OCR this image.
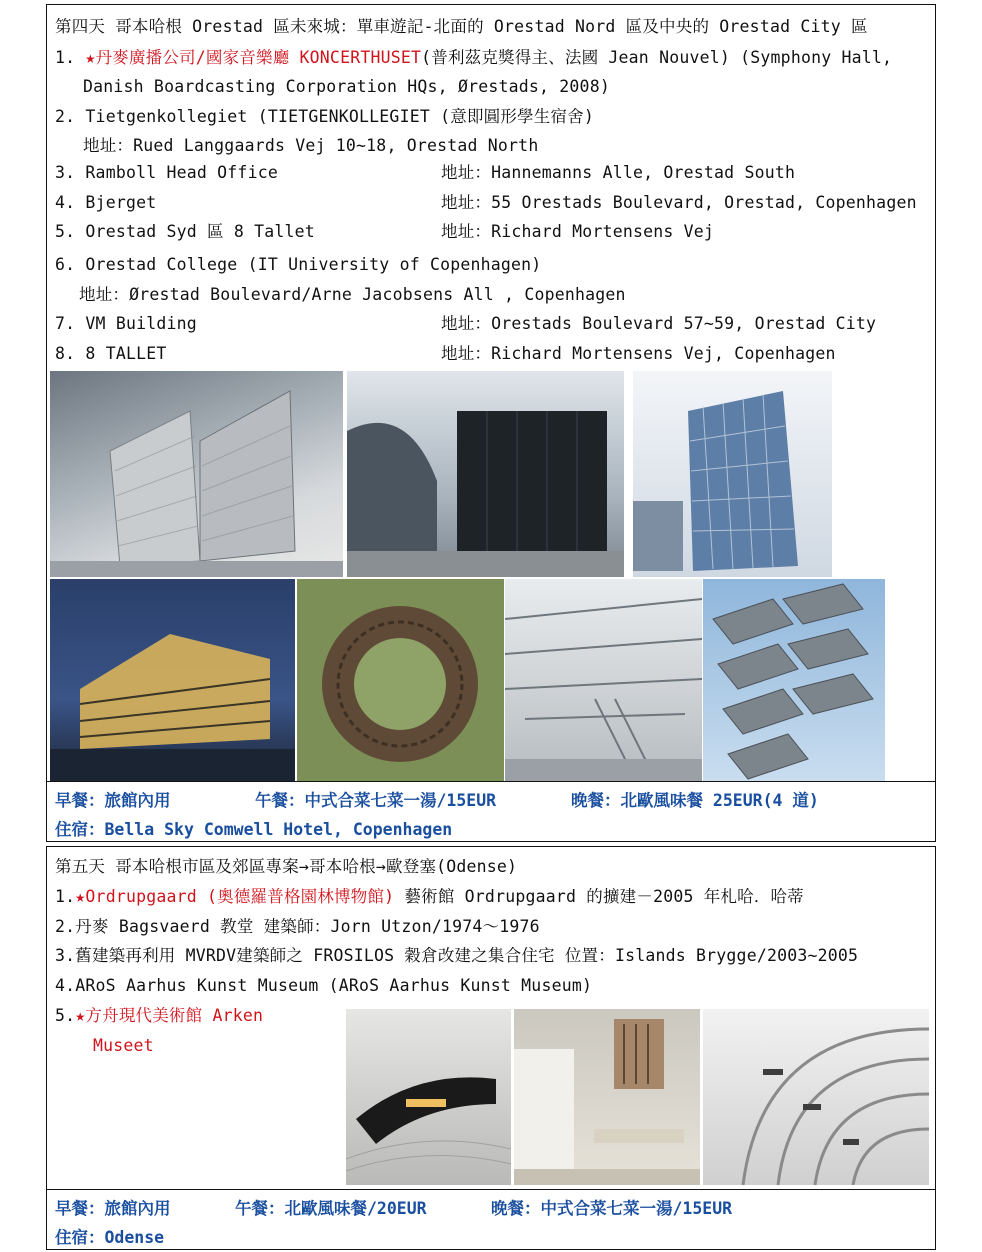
第四天 哥本哈根 Orestad 區未來城：單車遊記-北面的 Orestad Nord 區及中央的 Orestad City 區
1. ★丹麥廣播公司/國家音樂廳 KONCERTHUSET(普利茲克獎得主、法國 Jean Nouvel) (Symphony Hall,
Danish Boardcasting Corporation HQs, Ørestads, 2008)
2. Tietgenkollegiet (TIETGENKOLLEGIET (意即圓形學生宿舍)
地址：Rued Langgaards Vej 10~18, Orestad North
3. Ramboll Head Office	地址：Hannemanns Alle, Orestad South
4. Bjerget	地址：55 Orestads Boulevard, Orestad, Copenhagen
5. Orestad Syd 區 8 Tallet	地址：Richard Mortensens Vej
6. Orestad College (IT University of Copenhagen)
地址：Ørestad Boulevard/Arne Jacobsens All , Copenhagen
7. VM Building	地址：Orestads Boulevard 57~59, Orestad City
8. 8 TALLET	地址：Richard Mortensens Vej, Copenhagen
早餐：旅館內用	午餐：中式合菜七菜一湯/15EUR	晚餐：北歐風味餐 25EUR(4 道)
住宿：Bella Sky Comwell Hotel, Copenhagen
第五天 哥本哈根市區及郊區專案→哥本哈根→歐登塞(Odense)
1.★Ordrupgaard (奧德羅普格園林博物館) 藝術館 Ordrupgaard 的擴建－2005 年札哈．哈蒂
2.丹麥 Bagsvaerd 教堂 建築師：Jorn Utzon/1974～1976
3.舊建築再利用 MVRDV建築師之 FROSILOS 穀倉改建之集合住宅 位置：Islands Brygge/2003~2005
4.ARoS Aarhus Kunst Museum (ARoS Aarhus Kunst Museum)
5.★方舟現代美術館 Arken
Museet
早餐：旅館內用	午餐：北歐風味餐/20EUR	晚餐：中式合菜七菜一湯/15EUR
住宿：Odense
